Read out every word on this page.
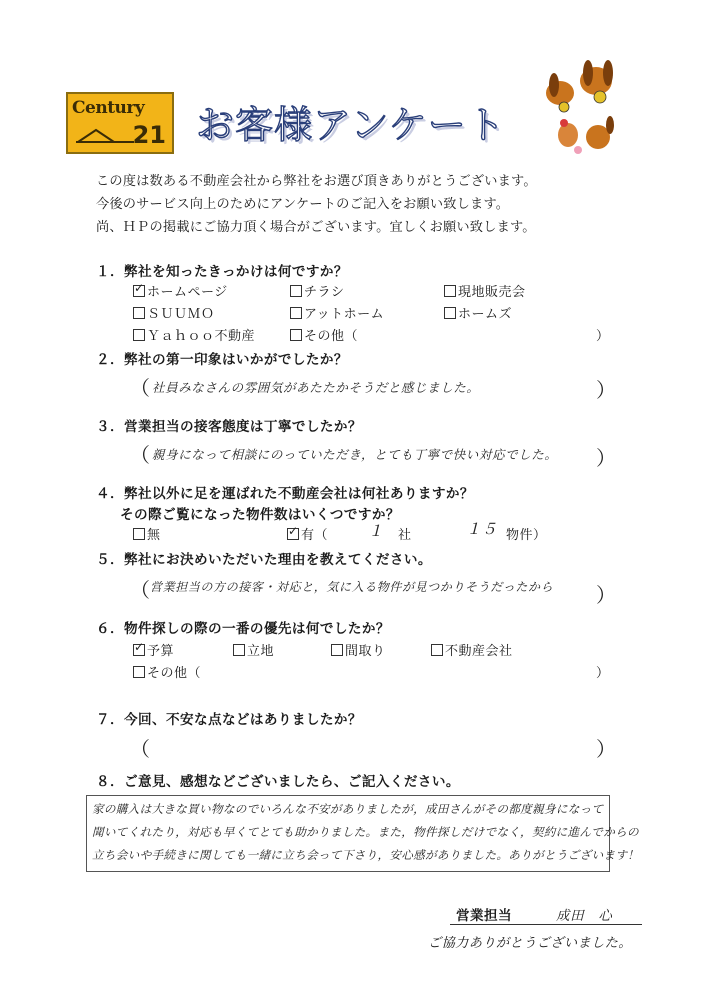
Century
21 お客様アンケート
この度は数ある不動産会社から弊社をお選び頂きありがとうございます。
今後のサービス向上のためにアンケートのご記入をお願い致します。
尚、ＨＰの掲載にご協力頂く場合がございます。宜しくお願い致します。
１．弊社を知ったきっかけは何ですか？
✓ホームページ	チラシ	現地販売会
ＳＵＵＭＯ	アットホーム	ホームズ
Ｙａｈｏｏ不動産	その他（	）
２．弊社の第一印象はいかがでしたか？
（ 社員みなさんの雰囲気があたたかそうだと感じました。	）
３．営業担当の接客態度は丁寧でしたか？
（ 親身になって相談にのっていただき，とても丁寧で快い対応でした。 ）
４．弊社以外に足を運ばれた不動産会社は何社ありますか？
その際ご覧になった物件数はいくつですか？
無
✓	有（	１ 社	１５ 物件）
５．弊社にお決めいただいた理由を教えてください。
（ 営業担当の方の接客・対応と，気に入る物件が見つかりそうだったから ）
６．物件探しの際の一番の優先は何でしたか？
✓予算	立地	間取り	不動産会社
その他（	）
７．今回、不安な点などはありましたか？
（	）
８．ご意見、感想などございましたら、ご記入ください。
家の購入は大きな買い物なのでいろんな不安がありましたが，成田さんがその都度親身になって
聞いてくれたり，対応も早くてとても助かりました。また，物件探しだけでなく，契約に進んでからの
立ち会いや手続きに関しても一緒に立ち会って下さり，安心感がありました。ありがとうございます！
営業担当	成田　心
ご協力ありがとうございました。
